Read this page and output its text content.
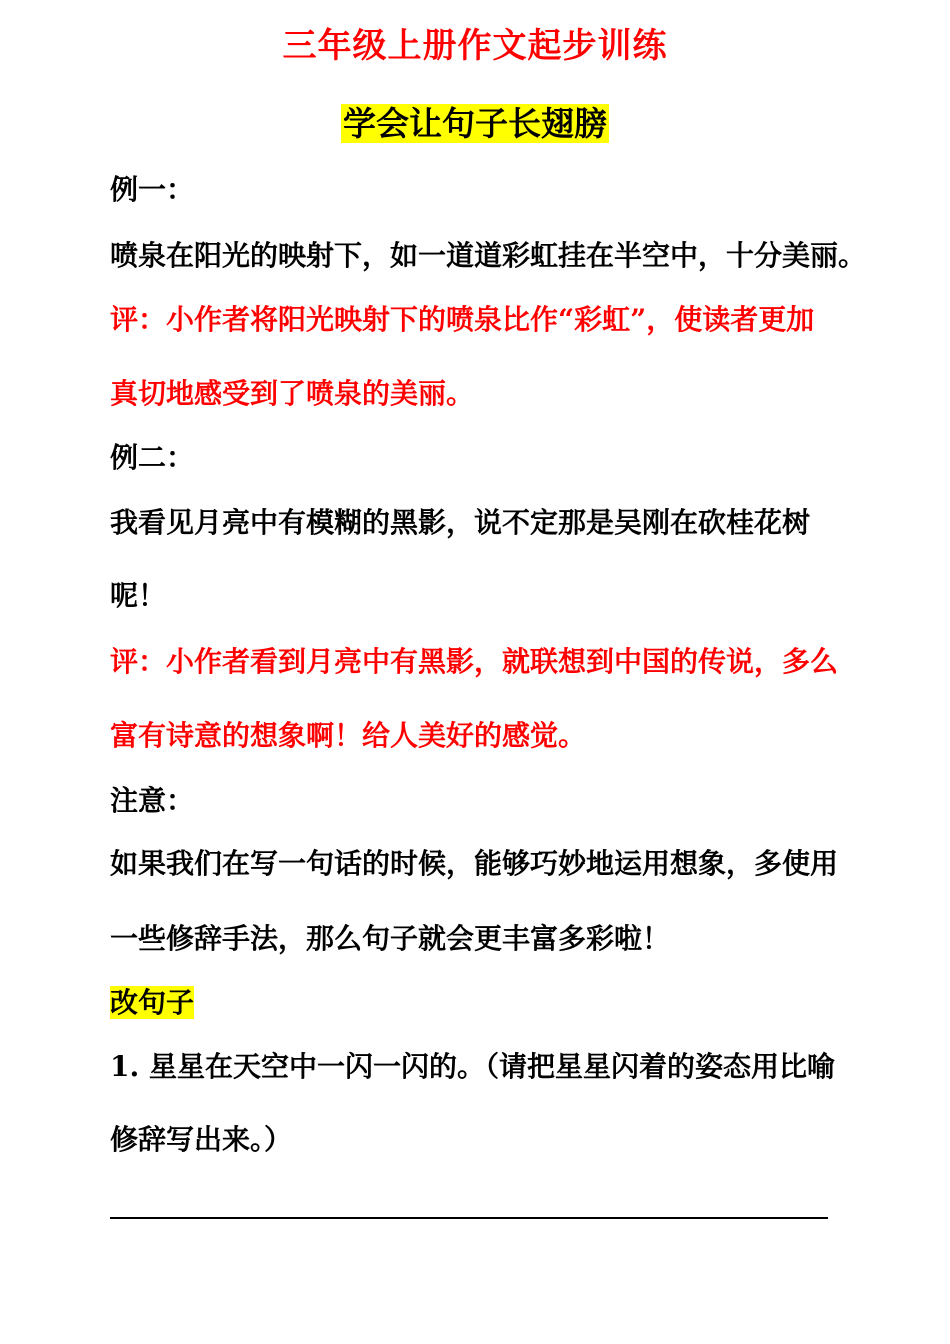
三年级上册作文起步训练
学会让句子长翅膀
例一：
喷泉在阳光的映射下，如一道道彩虹挂在半空中，十分美丽。
评：小作者将阳光映射下的喷泉比作“彩虹”，使读者更加
真切地感受到了喷泉的美丽。
例二：
我看见月亮中有模糊的黑影，说不定那是吴刚在砍桂花树
呢！
评：小作者看到月亮中有黑影，就联想到中国的传说，多么
富有诗意的想象啊！给人美好的感觉。
注意：
如果我们在写一句话的时候，能够巧妙地运用想象，多使用
一些修辞手法，那么句子就会更丰富多彩啦！
改句子
1. 星星在天空中一闪一闪的。（请把星星闪着的姿态用比喻
修辞写出来。）
